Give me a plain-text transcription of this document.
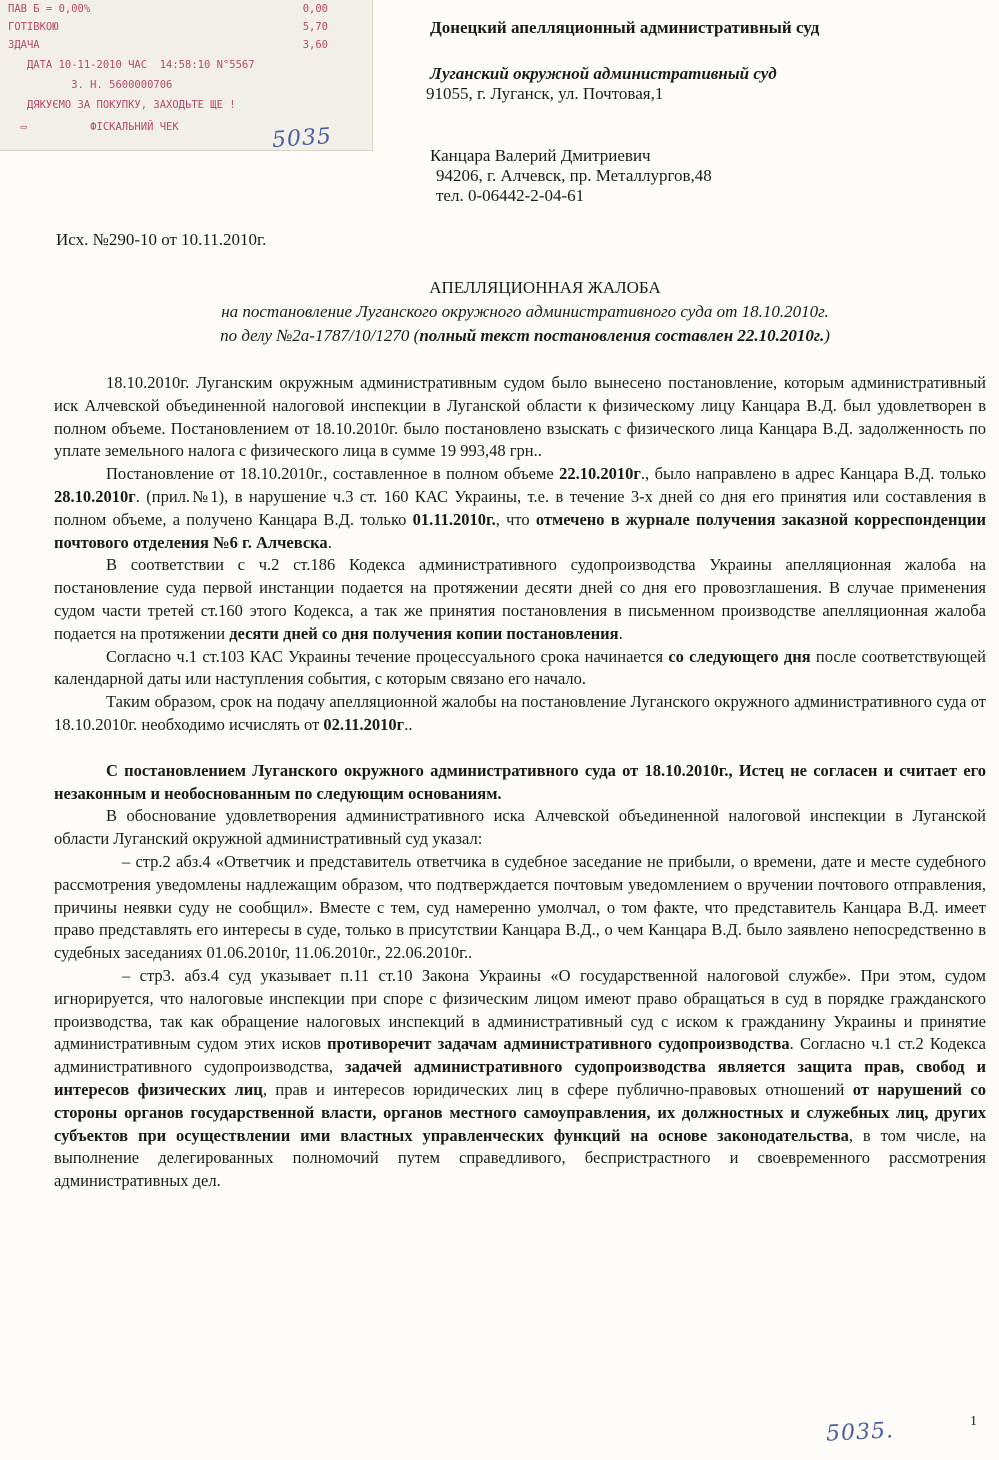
ПАВ Б = 0,00%	0,00
ГОТІВКОЮ	5,70
ЗДАЧА	3,60
ДАТА 10-11-2010 ЧАС  14:58:10 N°5567
З. Н. 5600000706
ДЯКУЄМО ЗА ПОКУПКУ, ЗАХОДЬТЕ ЩЕ !
▭          ФІСКАЛЬНИЙ ЧЕК	5035
Донецкий апелляционный административный суд
Луганский окружной административный суд
91055, г. Луганск, ул. Почтовая,1
Канцара Валерий Дмитриевич
94206, г. Алчевск, пр. Металлургов,48
тел. 0-06442-2-04-61
Исх. №290-10 от 10.11.2010г.
АПЕЛЛЯЦИОННАЯ ЖАЛОБА
на постановление Луганского окружного административного суда от 18.10.2010г.
по делу №2а-1787/10/1270 (полный текст постановления составлен 22.10.2010г.)

18.10.2010г. Луганским окружным административным судом было вынесено постановление, которым административный иск Алчевской объединенной налоговой инспекции в Луганской области к физическому лицу Канцара В.Д. был удовлетворен в полном объеме. Постановлением от 18.10.2010г. было постановлено взыскать с физического лица Канцара В.Д. задолженность по уплате земельного налога с физического лица в сумме 19 993,48 грн..

Постановление от 18.10.2010г., составленное в полном объеме 22.10.2010г., было направлено в адрес Канцара В.Д. только 28.10.2010г. (прил.№1), в нарушение ч.3 ст. 160 КАС Украины, т.е. в течение 3-х дней со дня его принятия или составления в полном объеме, а получено Канцара В.Д. только 01.11.2010г., что отмечено в журнале получения заказной корреспонденции почтового отделения №6 г. Алчевска.

В соответствии с ч.2 ст.186 Кодекса административного судопроизводства Украины апелляционная жалоба на постановление суда первой инстанции подается на протяжении десяти дней со дня его провозглашения. В случае применения судом части третей ст.160 этого Кодекса, а так же принятия постановления в письменном производстве апелляционная жалоба подается на протяжении десяти дней со дня получения копии постановления.

Согласно ч.1 ст.103 КАС Украины течение процессуального срока начинается со следующего дня после соответствующей календарной даты или наступления события, с которым связано его начало.

Таким образом, срок на подачу апелляционной жалобы на постановление Луганского окружного административного суда от 18.10.2010г. необходимо исчислять от 02.11.2010г..

С постановлением Луганского окружного административного суда от 18.10.2010г., Истец не согласен и считает его незаконным и необоснованным по следующим основаниям.

В обоснование удовлетворения административного иска Алчевской объединенной налоговой инспекции в Луганской области Луганский окружной административный суд указал:

– стр.2 абз.4 «Ответчик и представитель ответчика в судебное заседание не прибыли, о времени, дате и месте судебного рассмотрения уведомлены надлежащим образом, что подтверждается почтовым уведомлением о вручении почтового отправления, причины неявки суду не сообщил». Вместе с тем, суд намеренно умолчал, о том факте, что представитель Канцара В.Д. имеет право представлять его интересы в суде, только в присутствии Канцара В.Д., о чем Канцара В.Д. было заявлено непосредственно в судебных заседаниях 01.06.2010г, 11.06.2010г., 22.06.2010г..

– стр3. абз.4 суд указывает п.11 ст.10 Закона Украины «О государственной налоговой службе». При этом, судом игнорируется, что налоговые инспекции при споре с физическим лицом имеют право обращаться в суд в порядке гражданского производства, так как обращение налоговых инспекций в административный суд с иском к гражданину Украины и принятие административным судом этих исков противоречит задачам административного судопроизводства. Согласно ч.1 ст.2 Кодекса административного судопроизводства, задачей административного судопроизводства является защита прав, свобод и интересов физических лиц, прав и интересов юридических лиц в сфере публично-правовых отношений от нарушений со стороны органов государственной власти, органов местного самоуправления, их должностных и служебных лиц, других субъектов при осуществлении ими властных управленческих функций на основе законодательства, в том числе, на выполнение делегированных полномочий путем справедливого, беспристрастного и своевременного рассмотрения административных дел.

1
5035.
